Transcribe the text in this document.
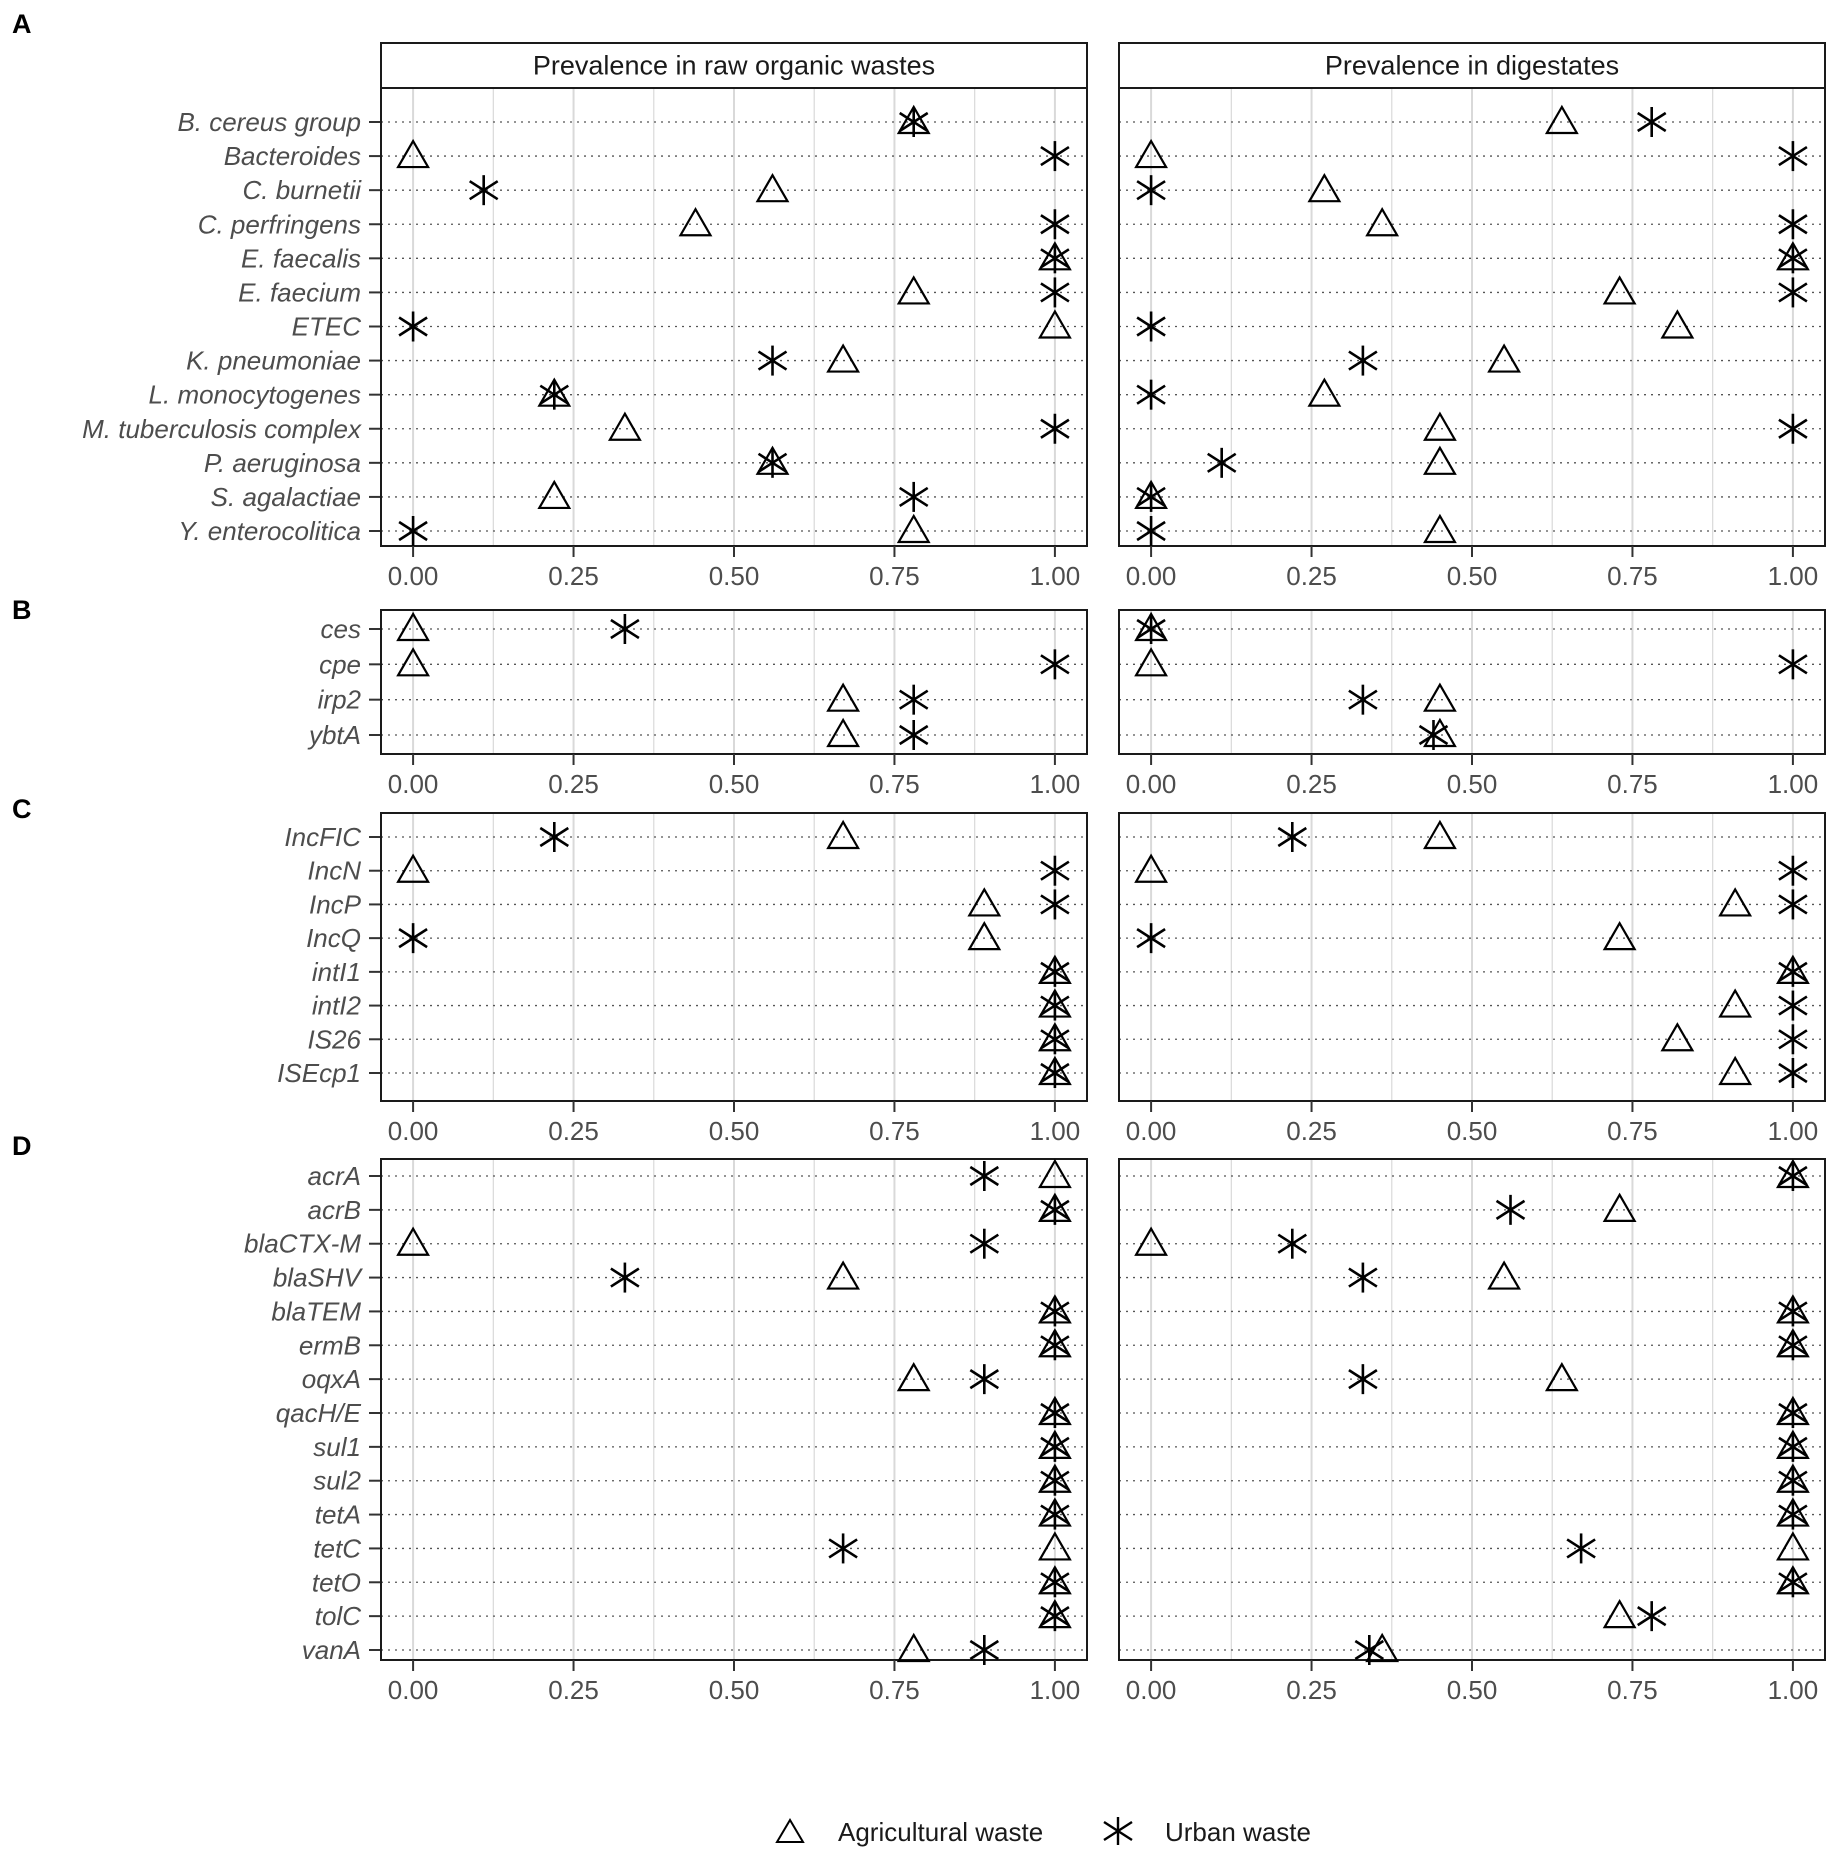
Prevalence in raw organic wastes	Prevalence in digestates
A
B. cereus group
Bacteroides
C. burnetii
C. perfringens
E. faecalis
E. faecium
ETEC
K. pneumoniae
L. monocytogenes
M. tuberculosis complex
P. aeruginosa
S. agalactiae
Y. enterocolitica
0.00	0.25	0.50	0.75	1.00 0.00	0.25	0.50	0.75	1.00
B
ces
cpe
irp2
ybtA
0.00	0.25	0.50	0.75	1.00 0.00	0.25	0.50	0.75	1.00
C
IncFIC
IncN
IncP
IncQ
intI1
intI2
IS26
ISEcp1
0.00	0.25	0.50	0.75	1.00 0.00	0.25	0.50	0.75	1.00
D
acrA
acrB
blaCTX-M
blaSHV
blaTEM
ermB
oqxA
qacH/E
sul1
sul2
tetA
tetC
tetO
tolC
vanA
0.00	0.25	0.50	0.75	1.00 0.00	0.25	0.50	0.75	1.00
Agricultural waste	Urban waste
